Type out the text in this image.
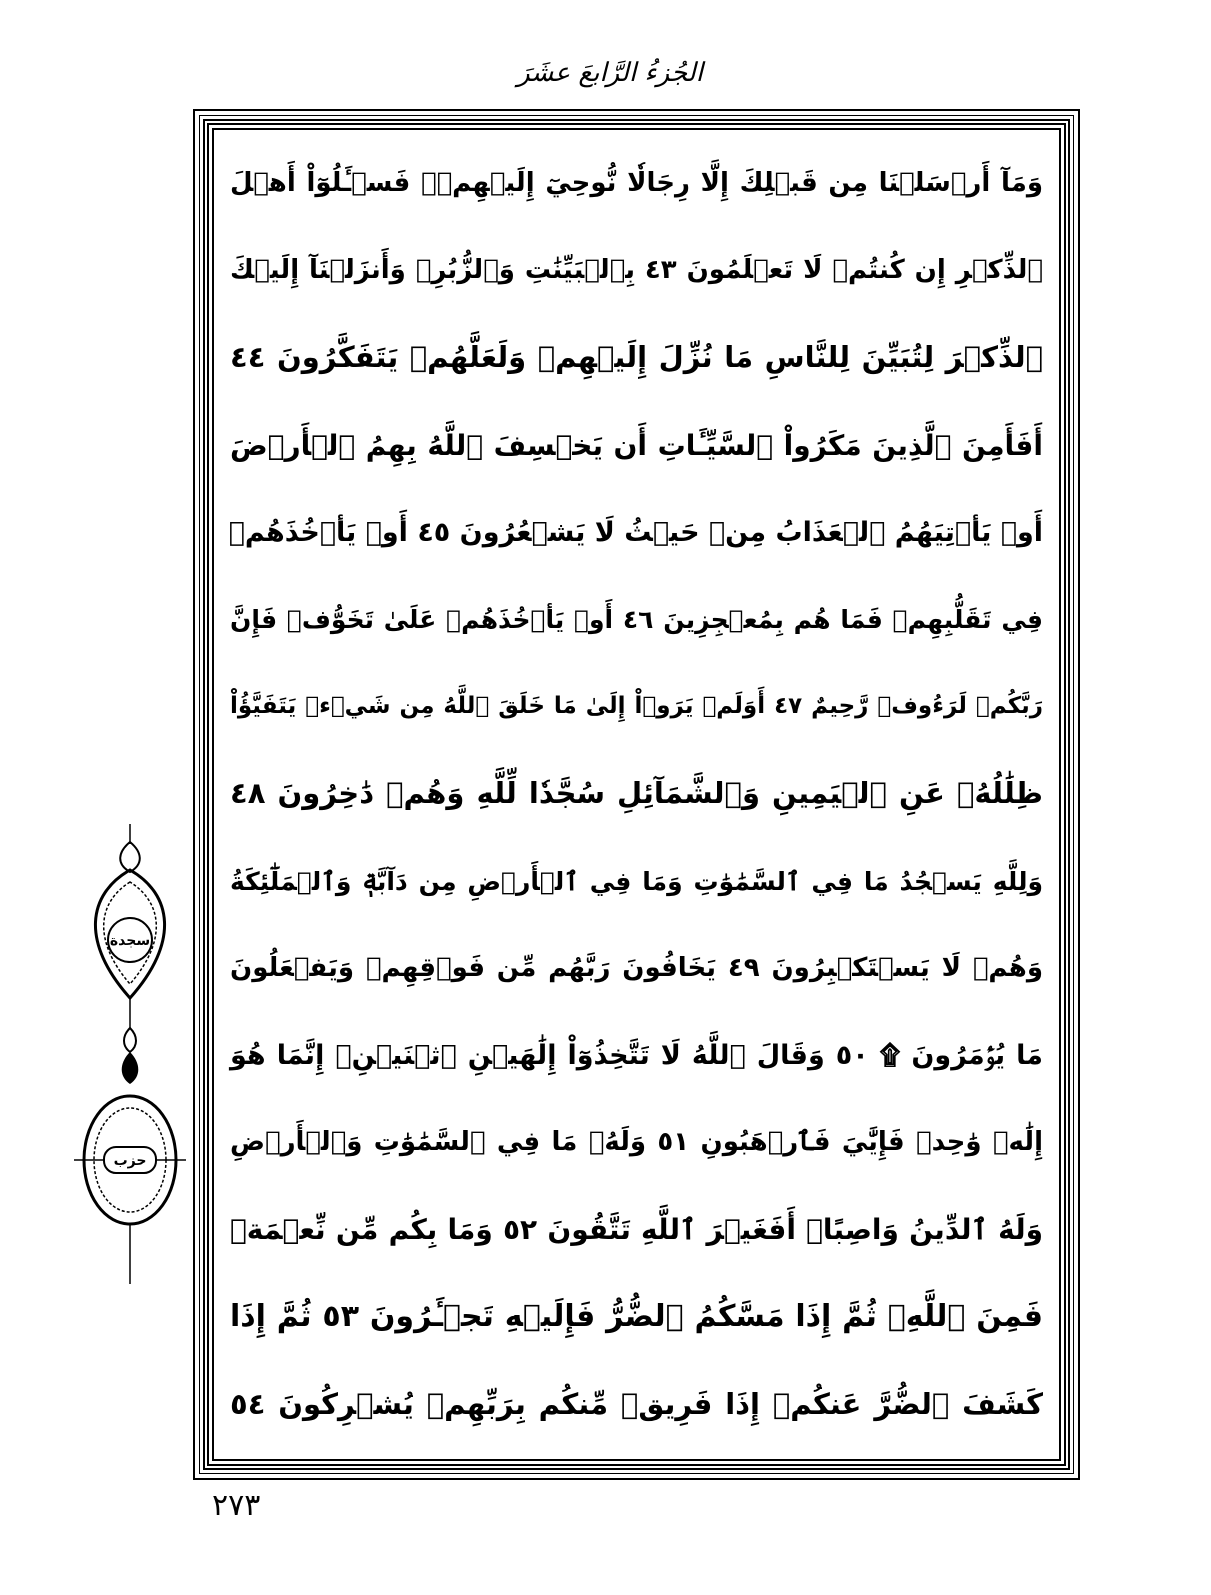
الجُزءُ الرَّابعَ عشَرَ
وَمَآ أَرۡسَلۡنَا مِن قَبۡلِكَ إِلَّا رِجَالٗا نُّوحِيٓ إِلَيۡهِمۡۖ فَسۡـَٔلُوٓاْ أَهۡلَ
ٱلذِّكۡرِ إِن كُنتُمۡ لَا تَعۡلَمُونَ ٤٣ بِٱلۡبَيِّنَٰتِ وَٱلزُّبُرِۗ وَأَنزَلۡنَآ إِلَيۡكَ
ٱلذِّكۡرَ لِتُبَيِّنَ لِلنَّاسِ مَا نُزِّلَ إِلَيۡهِمۡ وَلَعَلَّهُمۡ يَتَفَكَّرُونَ ٤٤
أَفَأَمِنَ ٱلَّذِينَ مَكَرُواْ ٱلسَّيِّـَٔاتِ أَن يَخۡسِفَ ٱللَّهُ بِهِمُ ٱلۡأَرۡضَ
أَوۡ يَأۡتِيَهُمُ ٱلۡعَذَابُ مِنۡ حَيۡثُ لَا يَشۡعُرُونَ ٤٥ أَوۡ يَأۡخُذَهُمۡ
فِي تَقَلُّبِهِمۡ فَمَا هُم بِمُعۡجِزِينَ ٤٦ أَوۡ يَأۡخُذَهُمۡ عَلَىٰ تَخَوُّفٖ فَإِنَّ
رَبَّكُمۡ لَرَءُوفٞ رَّحِيمٌ ٤٧ أَوَلَمۡ يَرَوۡاْ إِلَىٰ مَا خَلَقَ ٱللَّهُ مِن شَيۡءٖ يَتَفَيَّؤُاْ
ظِلَٰلُهُۥ عَنِ ٱلۡيَمِينِ وَٱلشَّمَآئِلِ سُجَّدٗا لِّلَّهِ وَهُمۡ دَٰخِرُونَ ٤٨
وَلِلَّهِ يَسۡجُدُ مَا فِي ٱلسَّمَٰوَٰتِ وَمَا فِي ٱلۡأَرۡضِ مِن دَآبَّةٖ وَٱلۡمَلَٰٓئِكَةُ
وَهُمۡ لَا يَسۡتَكۡبِرُونَ ٤٩ يَخَافُونَ رَبَّهُم مِّن فَوۡقِهِمۡ وَيَفۡعَلُونَ
مَا يُؤۡمَرُونَ ۩ ٥٠ وَقَالَ ٱللَّهُ لَا تَتَّخِذُوٓاْ إِلَٰهَيۡنِ ٱثۡنَيۡنِۖ إِنَّمَا هُوَ
إِلَٰهٞ وَٰحِدٞ فَإِيَّٰيَ فَٱرۡهَبُونِ ٥١ وَلَهُۥ مَا فِي ٱلسَّمَٰوَٰتِ وَٱلۡأَرۡضِ
وَلَهُ ٱلدِّينُ وَاصِبًاۚ أَفَغَيۡرَ ٱللَّهِ تَتَّقُونَ ٥٢ وَمَا بِكُم مِّن نِّعۡمَةٖ
فَمِنَ ٱللَّهِۖ ثُمَّ إِذَا مَسَّكُمُ ٱلضُّرُّ فَإِلَيۡهِ تَجۡـَٔرُونَ ٥٣ ثُمَّ إِذَا
كَشَفَ ٱلضُّرَّ عَنكُمۡ إِذَا فَرِيقٞ مِّنكُم بِرَبِّهِمۡ يُشۡرِكُونَ ٥٤
سجدة
حزب
٢٧٣
